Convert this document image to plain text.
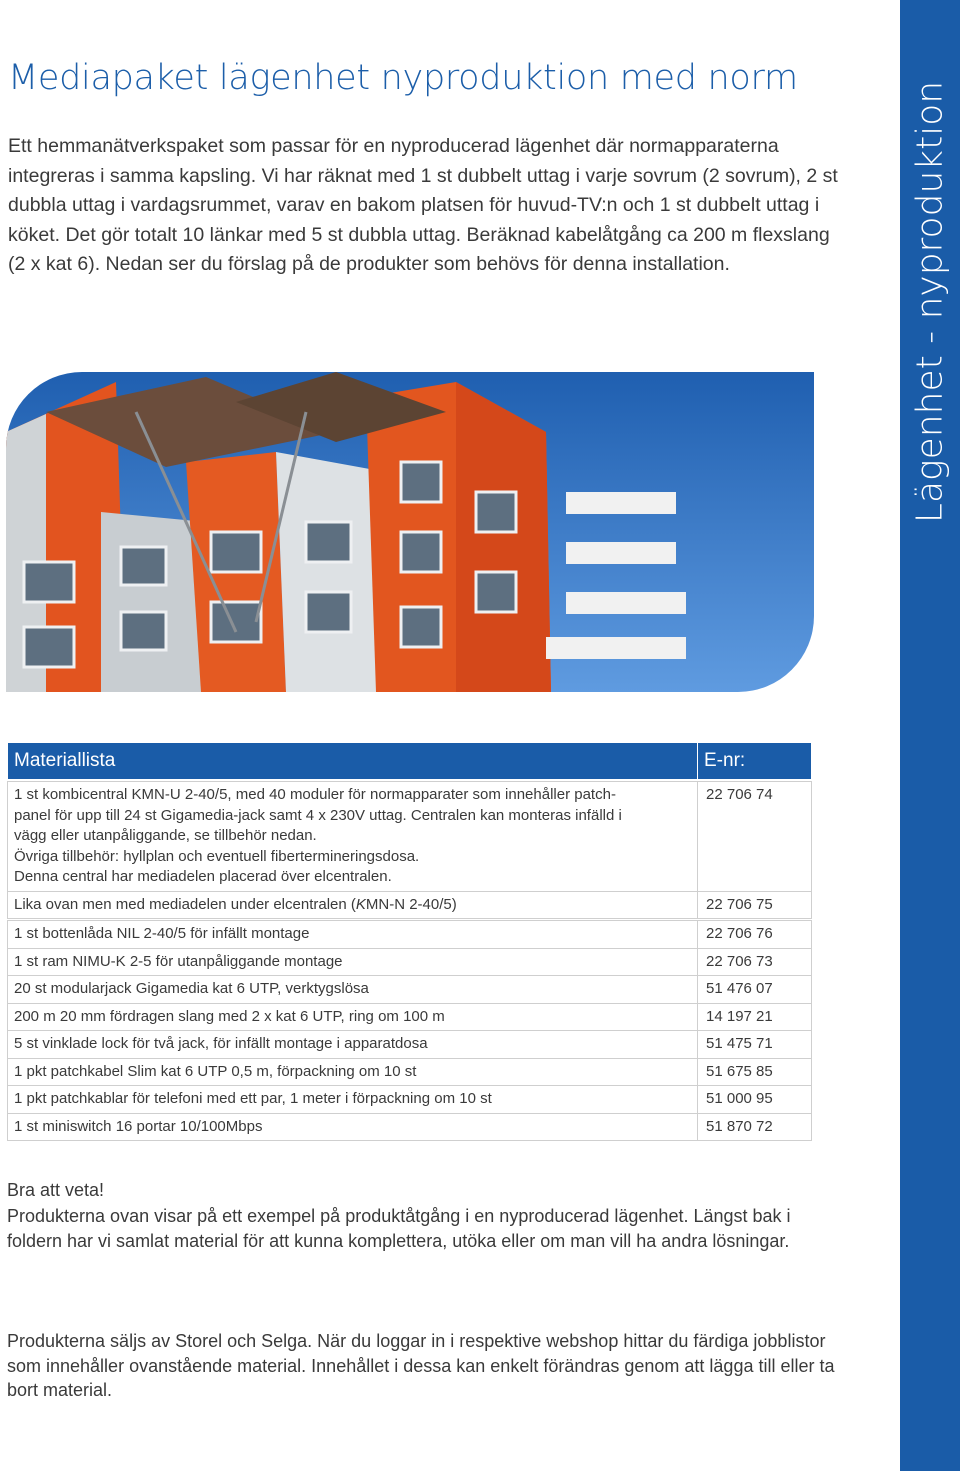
Mediapaket lägenhet nyproduktion med norm

Ett hemmanätverkspaket som passar för en nyproducerad lägenhet där normapparaterna integreras i samma kapsling. Vi har räknat med 1 st dubbelt uttag i varje sovrum (2 sovrum), 2 st dubbla uttag i vardagsrummet, varav en bakom platsen för huvud-TV:n och 1 st dubbelt uttag i köket. Det gör totalt 10 länkar med 5 st dubbla uttag. Beräknad kabelåtgång ca 200 m flexslang (2 x kat 6). Nedan ser du förslag på de produkter som behövs för denna installation.	Lägenhet - nyproduktion
Materiallista	E-nr:

1 st kombicentral KMN-U 2-40/5, med 40 moduler för normapparater som innehåller patch-
panel för upp till 24 st Gigamedia-jack samt 4 x 230V uttag. Centralen kan monteras infälld i
vägg eller utanpåliggande, se tillbehör nedan.
Övriga tillbehör: hyllplan och eventuell fibertermineringsdosa.
Denna central har mediadelen placerad över elcentralen.	22 706 74
Lika ovan men med mediadelen under elcentralen (KMN-N 2-40/5)	22 706 75

1 st bottenlåda NIL 2-40/5 för infällt montage	22 706 76
1 st ram NIMU-K 2-5 för utanpåliggande montage	22 706 73
20 st modularjack Gigamedia kat 6 UTP, verktygslösa	51 476 07
200 m 20 mm fördragen slang med 2 x kat 6 UTP, ring om 100 m	14 197 21
5 st vinklade lock för två jack, för infällt montage i apparatdosa	51 475 71
1 pkt patchkabel Slim kat 6 UTP 0,5 m, förpackning om 10 st	51 675 85
1 pkt patchkablar för telefoni med ett par, 1 meter i förpackning om 10 st	51 000 95
1 st miniswitch 16 portar 10/100Mbps	51 870 72

Bra att veta!

Produkterna ovan visar på ett exempel på produktåtgång i en nyproducerad lägenhet. Längst bak i foldern har vi samlat material för att kunna komplettera, utöka eller om man vill ha andra lösningar.

Produkterna säljs av Storel och Selga. När du loggar in i respektive webshop hittar du färdiga jobblistor som innehåller ovanstående material. Innehållet i dessa kan enkelt förändras genom att lägga till eller ta bort material.
